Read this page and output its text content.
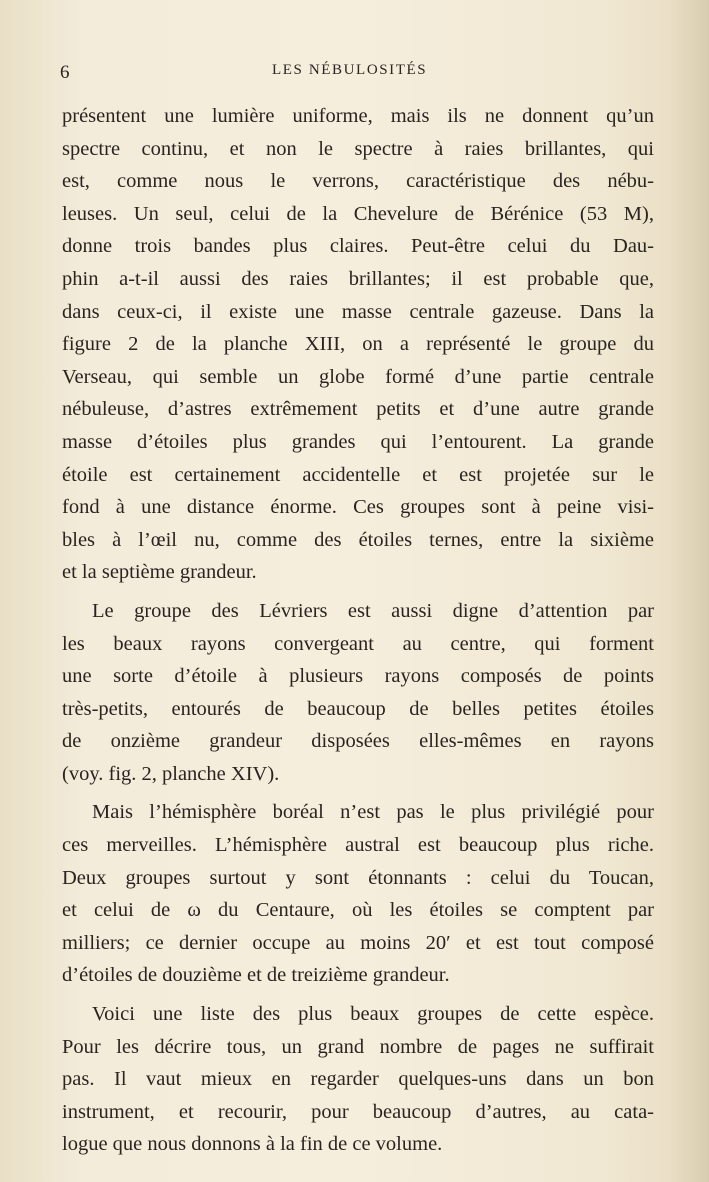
6	LES NÉBULOSITÉS
présentent une lumière uniforme, mais ils ne donnent qu’un
spectre continu, et non le spectre à raies brillantes, qui
est, comme nous le verrons, caractéristique des nébu-
leuses. Un seul, celui de la Chevelure de Bérénice (53 M),
donne trois bandes plus claires. Peut-être celui du Dau-
phin a-t-il aussi des raies brillantes; il est probable que,
dans ceux-ci, il existe une masse centrale gazeuse. Dans la
figure 2 de la planche XIII, on a représenté le groupe du
Verseau, qui semble un globe formé d’une partie centrale
nébuleuse, d’astres extrêmement petits et d’une autre grande
masse d’étoiles plus grandes qui l’entourent. La grande
étoile est certainement accidentelle et est projetée sur le
fond à une distance énorme. Ces groupes sont à peine visi-
bles à l’œil nu, comme des étoiles ternes, entre la sixième
et la septième grandeur.
Le groupe des Lévriers est aussi digne d’attention par
les beaux rayons convergeant au centre, qui forment
une sorte d’étoile à plusieurs rayons composés de points
très-petits, entourés de beaucoup de belles petites étoiles
de onzième grandeur disposées elles-mêmes en rayons
(voy. fig. 2, planche XIV).
Mais l’hémisphère boréal n’est pas le plus privilégié pour
ces merveilles. L’hémisphère austral est beaucoup plus riche.
Deux groupes surtout y sont étonnants : celui du Toucan,
et celui de ω du Centaure, où les étoiles se comptent par
milliers; ce dernier occupe au moins 20′ et est tout composé
d’étoiles de douzième et de treizième grandeur.
Voici une liste des plus beaux groupes de cette espèce.
Pour les décrire tous, un grand nombre de pages ne suffirait
pas. Il vaut mieux en regarder quelques-uns dans un bon
instrument, et recourir, pour beaucoup d’autres, au cata-
logue que nous donnons à la fin de ce volume.
